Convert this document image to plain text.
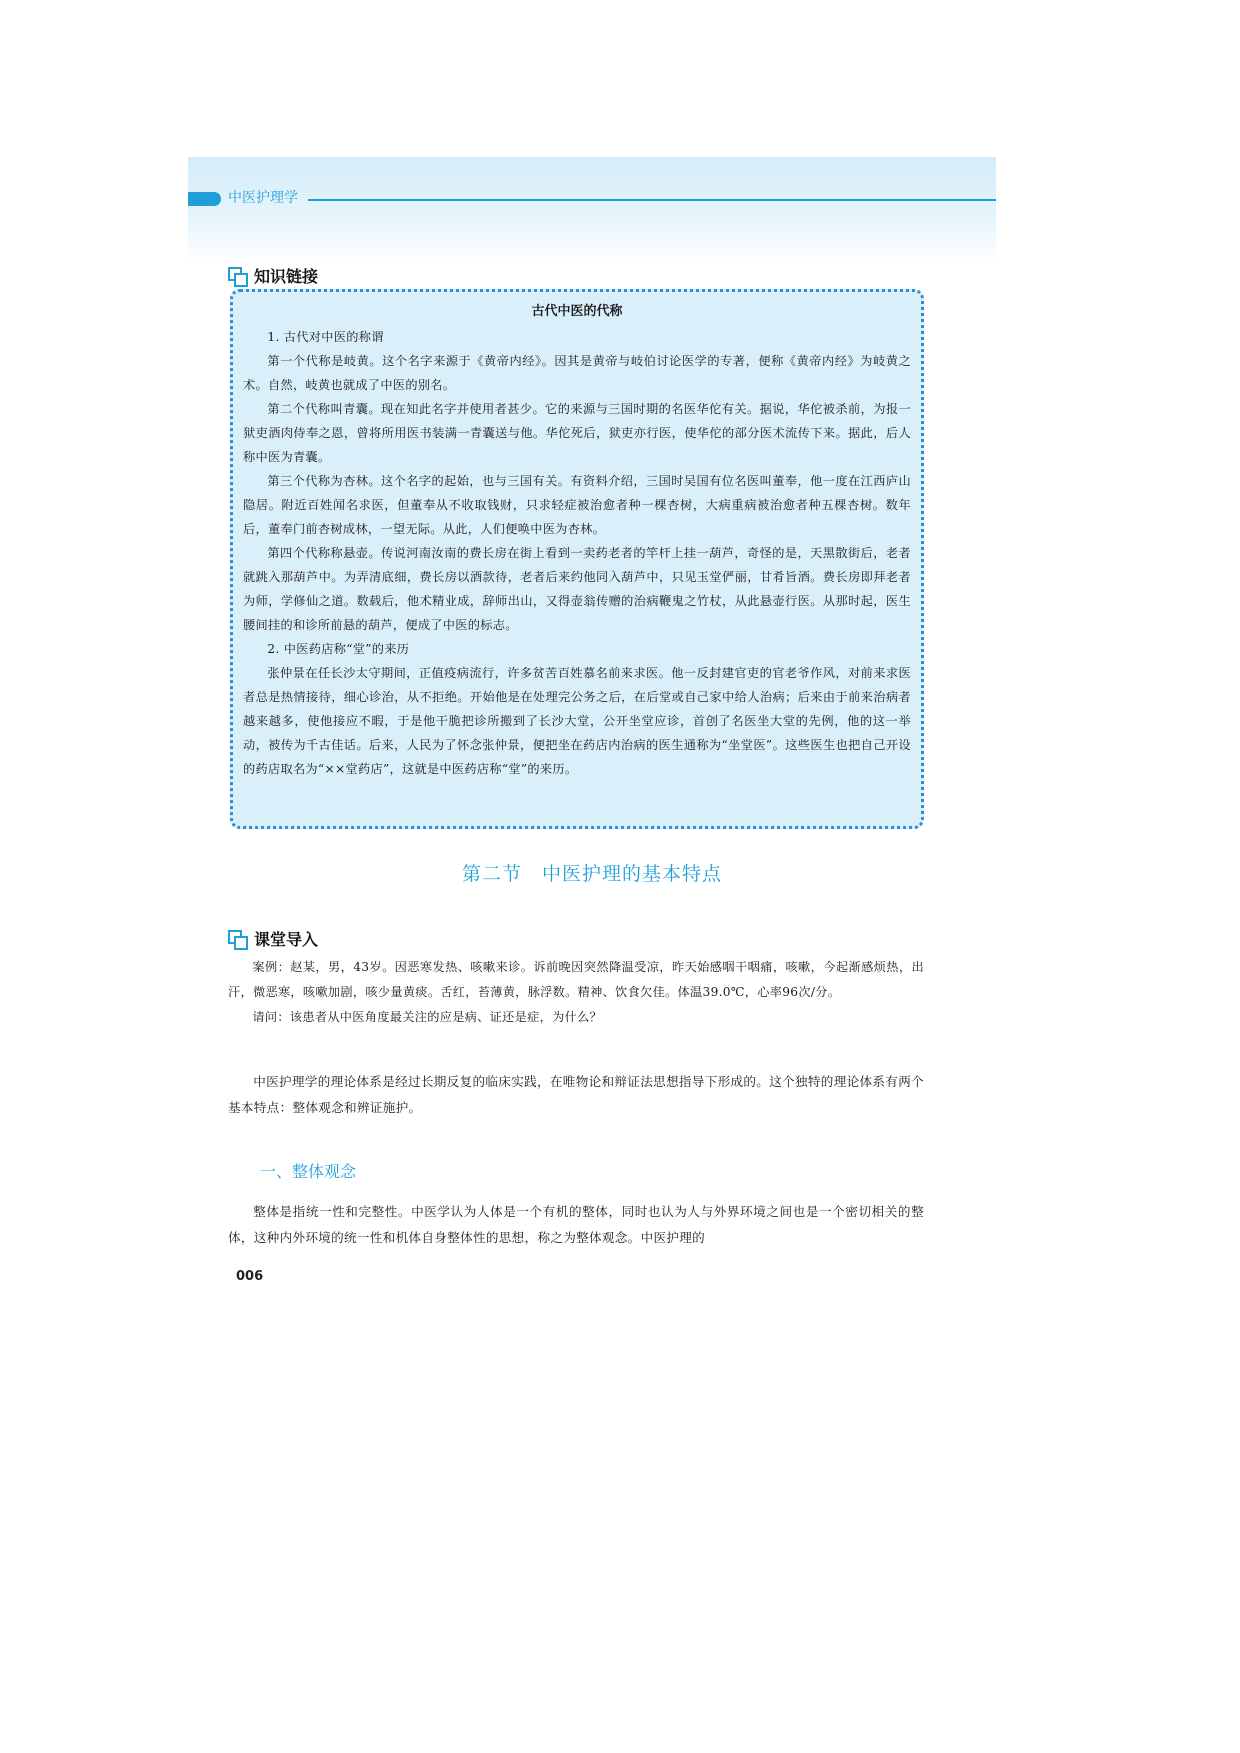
中医护理学
知识链接
古代中医的代称

1. 古代对中医的称谓

第一个代称是岐黄。这个名字来源于《黄帝内经》。因其是黄帝与岐伯讨论医学的专著，便称《黄帝内经》为岐黄之术。自然，岐黄也就成了中医的别名。

第二个代称叫青囊。现在知此名字并使用者甚少。它的来源与三国时期的名医华佗有关。据说，华佗被杀前，为报一狱吏酒肉侍奉之恩，曾将所用医书装满一青囊送与他。华佗死后，狱吏亦行医，使华佗的部分医术流传下来。据此，后人称中医为青囊。

第三个代称为杏林。这个名字的起始，也与三国有关。有资料介绍，三国时吴国有位名医叫董奉，他一度在江西庐山隐居。附近百姓闻名求医，但董奉从不收取钱财，只求轻症被治愈者种一棵杏树，大病重病被治愈者种五棵杏树。数年后，董奉门前杏树成林，一望无际。从此，人们便唤中医为杏林。

第四个代称称悬壶。传说河南汝南的费长房在街上看到一卖药老者的竿杆上挂一葫芦，奇怪的是，天黑散街后，老者就跳入那葫芦中。为弄清底细，费长房以酒款待，老者后来约他同入葫芦中，只见玉堂俨丽，甘肴旨酒。费长房即拜老者为师，学修仙之道。数载后，他术精业成，辞师出山，又得壶翁传赠的治病鞭鬼之竹杖，从此悬壶行医。从那时起，医生腰间挂的和诊所前悬的葫芦，便成了中医的标志。

2. 中医药店称“堂”的来历

张仲景在任长沙太守期间，正值疫病流行，许多贫苦百姓慕名前来求医。他一反封建官吏的官老爷作风，对前来求医者总是热情接待，细心诊治，从不拒绝。开始他是在处理完公务之后，在后堂或自己家中给人治病；后来由于前来治病者越来越多，使他接应不暇，于是他干脆把诊所搬到了长沙大堂，公开坐堂应诊，首创了名医坐大堂的先例，他的这一举动，被传为千古佳话。后来，人民为了怀念张仲景，便把坐在药店内治病的医生通称为“坐堂医”。这些医生也把自己开设的药店取名为“××堂药店”，这就是中医药店称“堂”的来历。

第二节　中医护理的基本特点
课堂导入

案例：赵某，男，43岁。因恶寒发热、咳嗽来诊。诉前晚因突然降温受凉，昨天始感咽干咽痛，咳嗽，今起渐感烦热，出汗，微恶寒，咳嗽加剧，咳少量黄痰。舌红，苔薄黄，脉浮数。精神、饮食欠佳。体温39.0℃，心率96次/分。

请问：该患者从中医角度最关注的应是病、证还是症，为什么？

中医护理学的理论体系是经过长期反复的临床实践，在唯物论和辩证法思想指导下形成的。这个独特的理论体系有两个基本特点：整体观念和辨证施护。

一、整体观念

整体是指统一性和完整性。中医学认为人体是一个有机的整体，同时也认为人与外界环境之间也是一个密切相关的整体，这种内外环境的统一性和机体自身整体性的思想，称之为整体观念。中医护理的

006
